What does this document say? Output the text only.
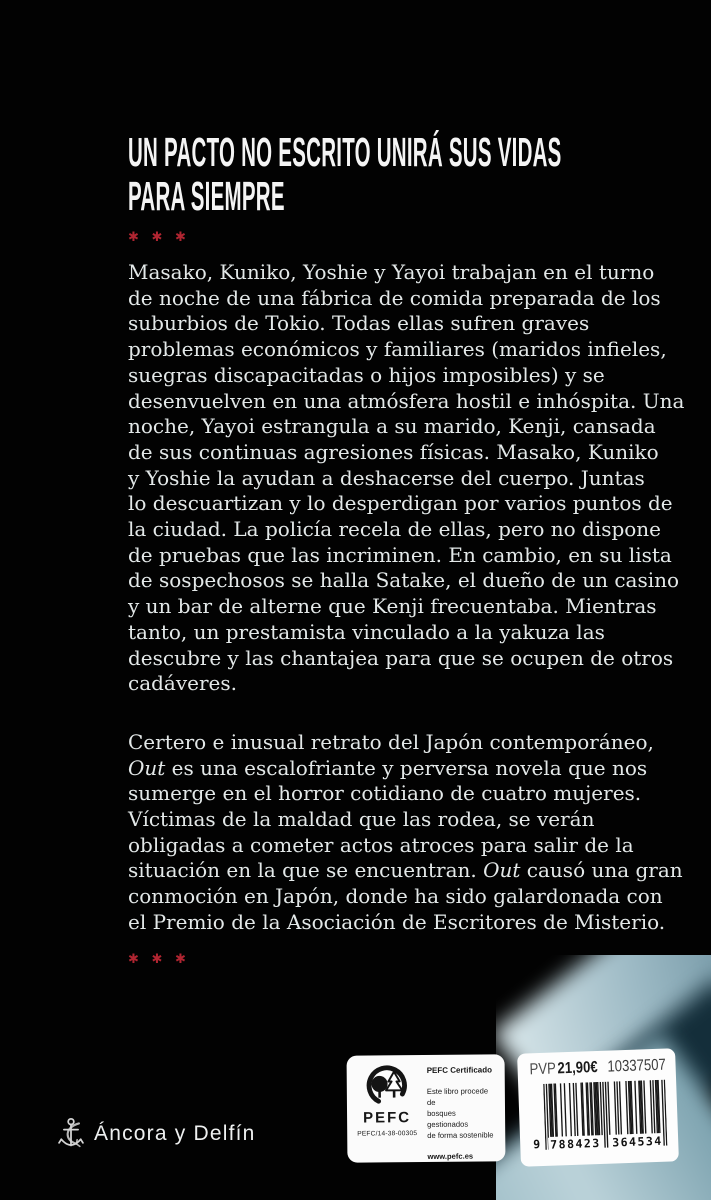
UN PACTO NO ESCRITO UNIRÁ SUS VIDAS
PARA SIEMPRE
✱ ✱ ✱
Masako, Kuniko, Yoshie y Yayoi trabajan en el turno
de noche de una fábrica de comida preparada de los
suburbios de Tokio. Todas ellas sufren graves
problemas económicos y familiares (maridos infieles,
suegras discapacitadas o hijos imposibles) y se
desenvuelven en una atmósfera hostil e inhóspita. Una
noche, Yayoi estrangula a su marido, Kenji, cansada
de sus continuas agresiones físicas. Masako, Kuniko
y Yoshie la ayudan a deshacerse del cuerpo. Juntas
lo descuartizan y lo desperdigan por varios puntos de
la ciudad. La policía recela de ellas, pero no dispone
de pruebas que las incriminen. En cambio, en su lista
de sospechosos se halla Satake, el dueño de un casino
y un bar de alterne que Kenji frecuentaba. Mientras
tanto, un prestamista vinculado a la yakuza las
descubre y las chantajea para que se ocupen de otros
cadáveres.
Certero e inusual retrato del Japón contemporáneo,
Out es una escalofriante y perversa novela que nos
sumerge en el horror cotidiano de cuatro mujeres.
Víctimas de la maldad que las rodea, se verán
obligadas a cometer actos atroces para salir de la
situación en la que se encuentran. Out causó una gran
conmoción en Japón, donde ha sido galardonada con
el Premio de la Asociación de Escritores de Misterio.
✱ ✱ ✱
Áncora y Delfín
PEFC
PEFC/14-38-00305
PEFC Certificado
Este libro procede de
bosques gestionados
de forma sostenible
www.pefc.es
PVP 21,90€ 10337507
9 7 8 8 4 2 3 3 6 4 5 3 4
